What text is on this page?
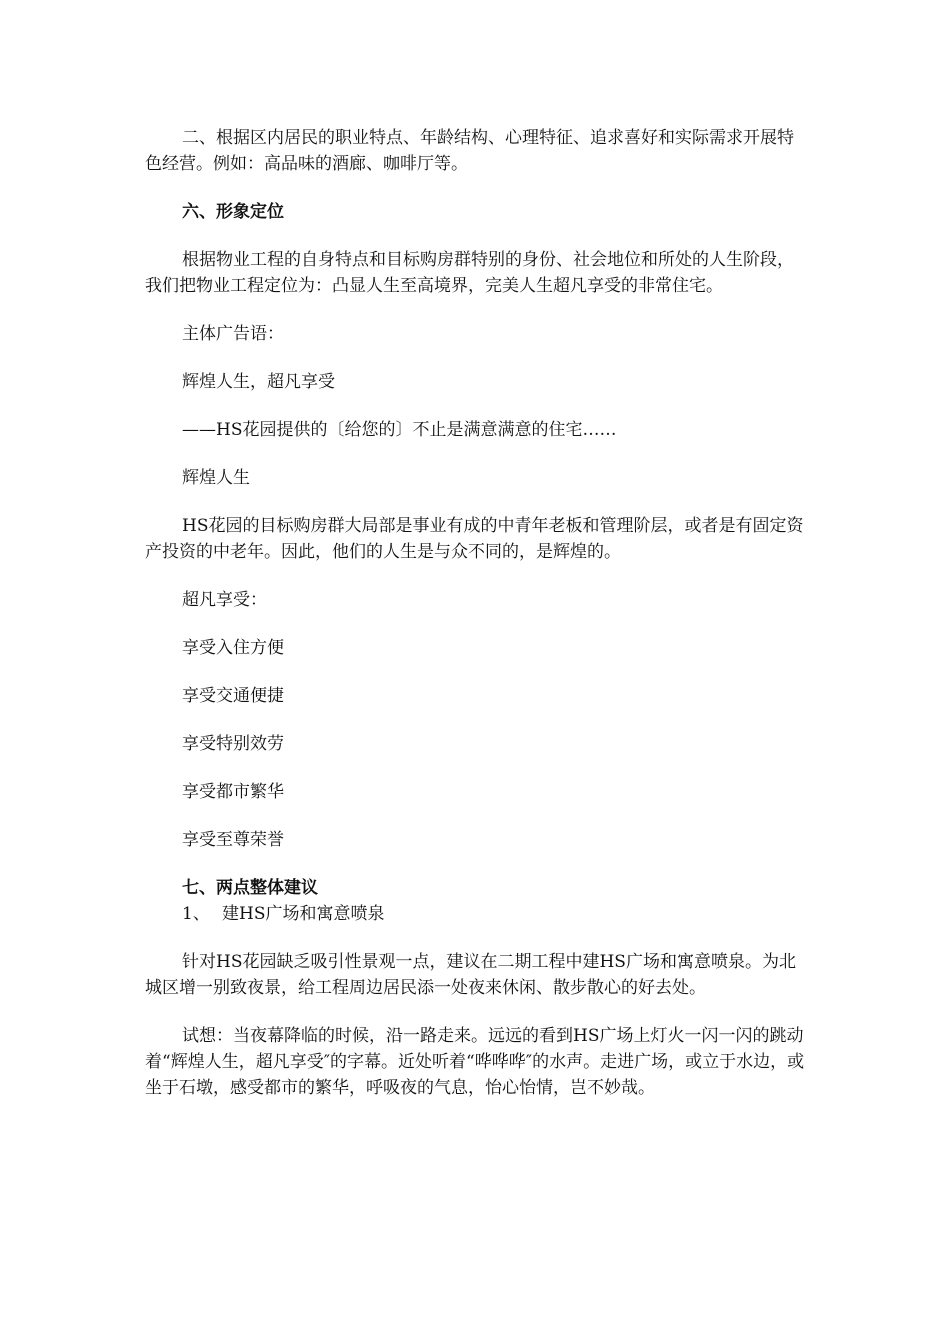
二、根据区内居民的职业特点、年龄结构、心理特征、追求喜好和实际需求开展特色经营。例如：高品味的酒廊、咖啡厅等。

六、形象定位

根据物业工程的自身特点和目标购房群特别的身份、社会地位和所处的人生阶段，我们把物业工程定位为：凸显人生至高境界，完美人生超凡享受的非常住宅。

主体广告语：

辉煌人生，超凡享受

——HS花园提供的〔给您的〕不止是满意满意的住宅……

辉煌人生

HS花园的目标购房群大局部是事业有成的中青年老板和管理阶层，或者是有固定资产投资的中老年。因此，他们的人生是与众不同的，是辉煌的。

超凡享受：

享受入住方便

享受交通便捷

享受特别效劳

享受都市繁华

享受至尊荣誉

七、两点整体建议

1、 建HS广场和寓意喷泉

针对HS花园缺乏吸引性景观一点，建议在二期工程中建HS广场和寓意喷泉。为北城区增一别致夜景，给工程周边居民添一处夜来休闲、散步散心的好去处。

试想：当夜幕降临的时候，沿一路走来。远远的看到HS广场上灯火一闪一闪的跳动着“辉煌人生，超凡享受″的字幕。近处听着“哗哗哗″的水声。走进广场，或立于水边，或坐于石墩，感受都市的繁华，呼吸夜的气息，怡心怡情，岂不妙哉。
